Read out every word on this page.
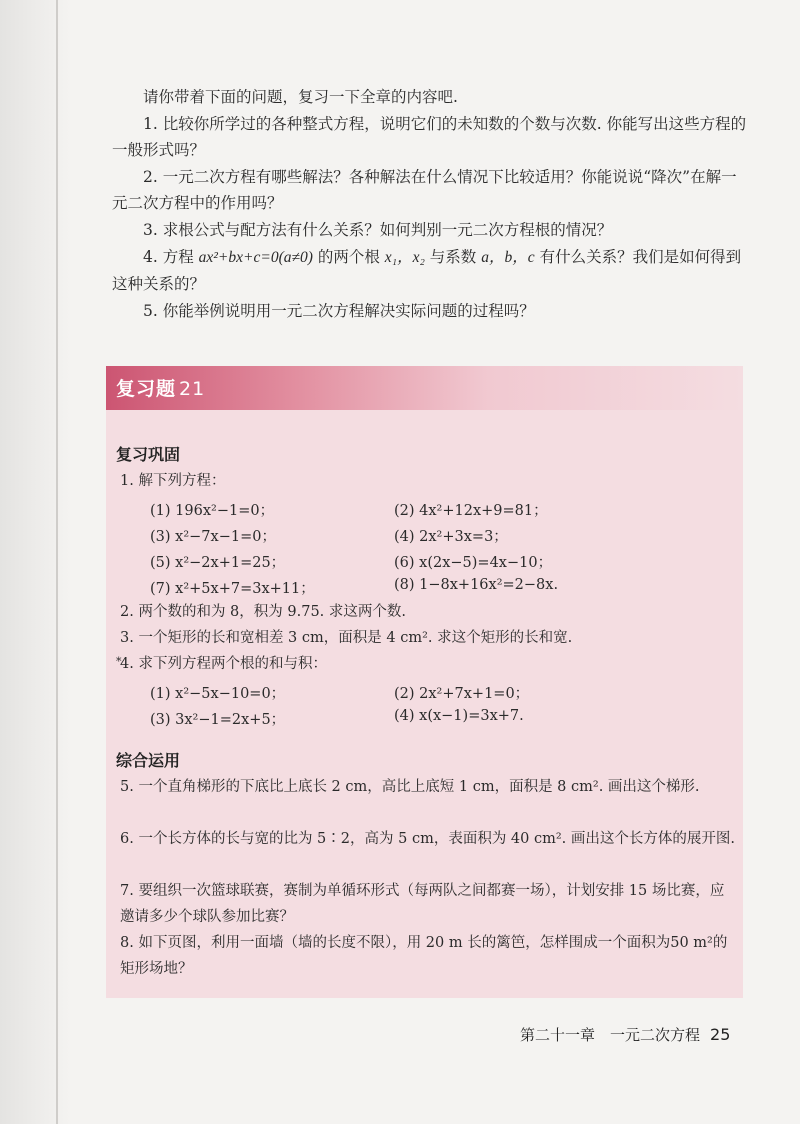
请你带着下面的问题，复习一下全章的内容吧.

1. 比较你所学过的各种整式方程，说明它们的未知数的个数与次数. 你能写出这些方程的一般形式吗？

2. 一元二次方程有哪些解法？各种解法在什么情况下比较适用？你能说说“降次”在解一元二次方程中的作用吗？

3. 求根公式与配方法有什么关系？如何判别一元二次方程根的情况？

4. 方程 ax²+bx+c=0(a≠0) 的两个根 x₁，x₂ 与系数 a，b，c 有什么关系？我们是如何得到这种关系的？

5. 你能举例说明用一元二次方程解决实际问题的过程吗？

复习题 21
复习巩固
1. 解下列方程：
(1) 196x²−1=0；	(2) 4x²+12x+9=81；
(3) x²−7x−1=0；	(4) 2x²+3x=3；
(5) x²−2x+1=25；	(6) x(2x−5)=4x−10；
(7) x²+5x+7=3x+11；	(8) 1−8x+16x²=2−8x.
2. 两个数的和为 8，积为 9.75. 求这两个数.
3. 一个矩形的长和宽相差 3 cm，面积是 4 cm². 求这个矩形的长和宽.
*
4. 求下列方程两个根的和与积：
(1) x²−5x−10=0；	(2) 2x²+7x+1=0；
(3) 3x²−1=2x+5；	(4) x(x−1)=3x+7.
综合运用
5. 一个直角梯形的下底比上底长 2 cm，高比上底短 1 cm，面积是 8 cm². 画出这个梯形.
6. 一个长方体的长与宽的比为 5∶2，高为 5 cm，表面积为 40 cm². 画出这个长方体的展开图.
7. 要组织一次篮球联赛，赛制为单循环形式（每两队之间都赛一场），计划安排 15 场比赛，应邀请多少个球队参加比赛？
8. 如下页图，利用一面墙（墙的长度不限），用 20 m 长的篱笆，怎样围成一个面积为50 m²的矩形场地？
第二十一章　一元二次方程 25
